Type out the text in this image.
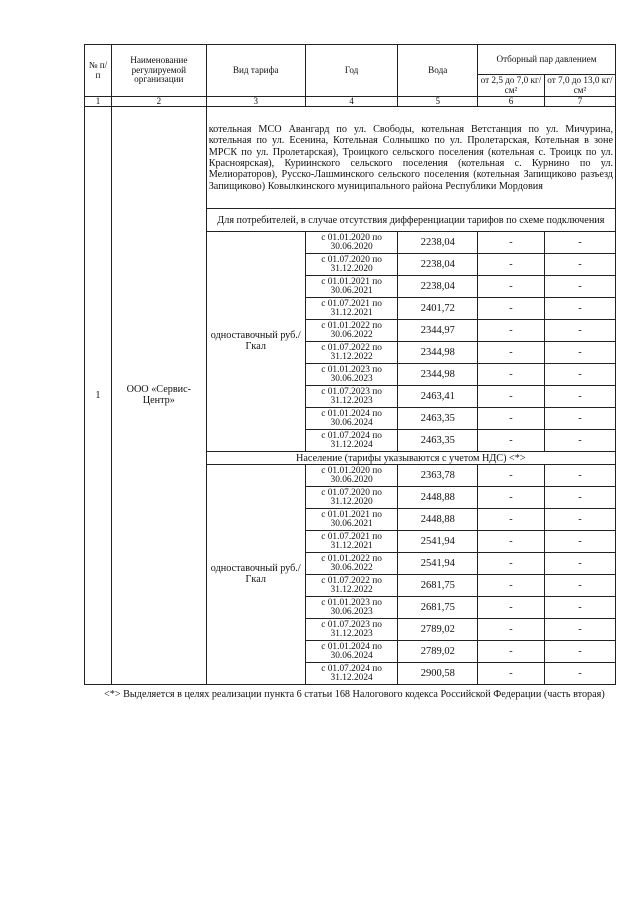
№ п/п	Наименование регулируемой организации	Вид тарифа	Год	Вода	Отборный пар давлением	
					от 2,5 до 7,0 кг/см²	от 7,0 до 13,0 кг/см²
1	2	3	4	5	6	7
1	ООО «Сервис-Центр»	котельная МСО Авангард по ул. Свободы, котельная Ветстанция по ул. Мичурина, котельная по ул. Есенина, Котельная Солнышко по ул. Пролетарская, Котельная в зоне МРСК по ул. Пролетарская), Троицкого сельского поселения (котельная с. Троицк по ул. Красноярская), Куриинского сельского поселения (котельная с. Курнино по ул. Мелиораторов), Русско-Лашминского сельского поселения (котельная Запищиково разъезд Запищиково) Ковылкинского муниципального района Республики Мордовия				
		Для потребителей, в случае отсутствия дифференциации тарифов по схеме подключения				
		одноставочный руб./Гкал	с 01.01.2020 по 30.06.2020	2238,04	-	-
			с 01.07.2020 по 31.12.2020	2238,04	-	-
			с 01.01.2021 по 30.06.2021	2238,04	-	-
			с 01.07.2021 по 31.12.2021	2401,72	-	-
			с 01.01.2022 по 30.06.2022	2344,97	-	-
			с 01.07.2022 по 31.12.2022	2344,98	-	-
			с 01.01.2023 по 30.06.2023	2344,98	-	-
			с 01.07.2023 по 31.12.2023	2463,41	-	-
			с 01.01.2024 по 30.06.2024	2463,35	-	-
			с 01.07.2024 по 31.12.2024	2463,35	-	-
		Население (тарифы указываются с учетом НДС) <*>				
		одноставочный руб./Гкал	с 01.01.2020 по 30.06.2020	2363,78	-	-
			с 01.07.2020 по 31.12.2020	2448,88	-	-
			с 01.01.2021 по 30.06.2021	2448,88	-	-
			с 01.07.2021 по 31.12.2021	2541,94	-	-
			с 01.01.2022 по 30.06.2022	2541,94	-	-
			с 01.07.2022 по 31.12.2022	2681,75	-	-
			с 01.01.2023 по 30.06.2023	2681,75	-	-
			с 01.07.2023 по 31.12.2023	2789,02	-	-
			с 01.01.2024 по 30.06.2024	2789,02	-	-
			с 01.07.2024 по 31.12.2024	2900,58	-	-
<*> Выделяется в целях реализации пункта 6 статьи 168 Налогового кодекса Российской Федерации (часть вторая)
